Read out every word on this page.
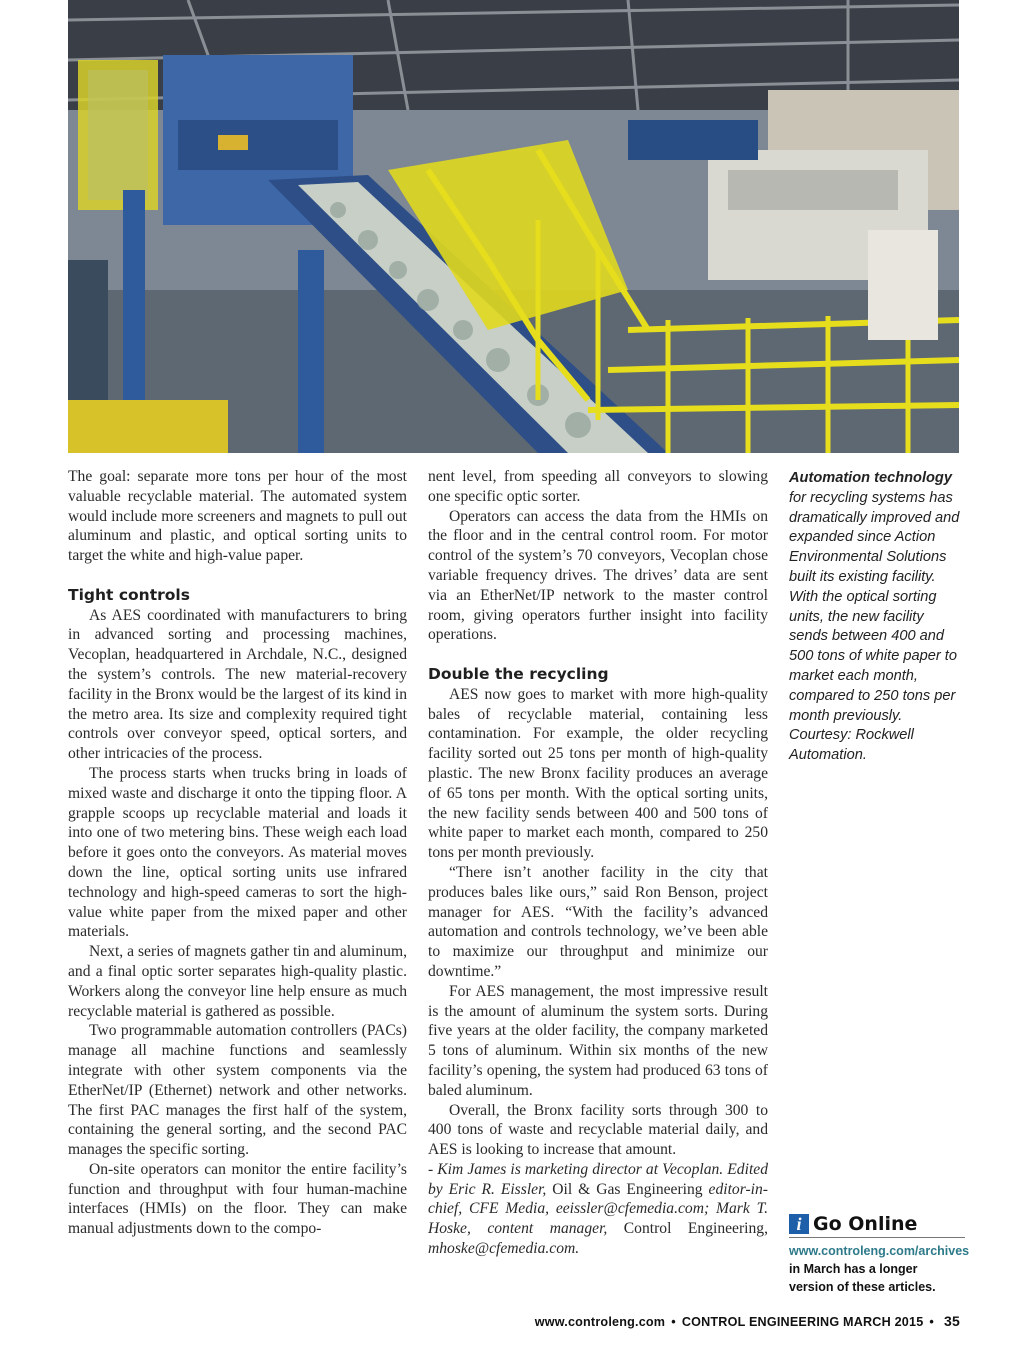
The goal: separate more tons per hour of the most valuable recyclable material. The automated system would include more screeners and magnets to pull out aluminum and plastic, and optical sorting units to target the white and high-value paper.

Tight controls

As AES coordinated with manufacturers to bring in advanced sorting and processing machines, Vecoplan, headquartered in Archdale, N.C., designed the system’s controls. The new material-recovery facility in the Bronx would be the largest of its kind in the metro area. Its size and complexity required tight controls over conveyor speed, optical sorters, and other intricacies of the process.

The process starts when trucks bring in loads of mixed waste and discharge it onto the tipping floor. A grapple scoops up recyclable material and loads it into one of two metering bins. These weigh each load before it goes onto the conveyors. As material moves down the line, optical sorting units use infrared technology and high-speed cameras to sort the high-value white paper from the mixed paper and other materials.

Next, a series of magnets gather tin and aluminum, and a final optic sorter separates high-quality plastic. Workers along the conveyor line help ensure as much recyclable material is gathered as possible.

Two programmable automation controllers (PACs) manage all machine functions and seamlessly integrate with other system components via the EtherNet/IP (Ethernet) network and other networks. The first PAC manages the first half of the system, containing the general sorting, and the second PAC manages the specific sorting.

On-site operators can monitor the entire facility’s function and throughput with four human-machine interfaces (HMIs) on the floor. They can make manual adjustments down to the compo-

nent level, from speeding all conveyors to slowing one specific optic sorter.

Operators can access the data from the HMIs on the floor and in the central control room. For motor control of the system’s 70 conveyors, Vecoplan chose variable frequency drives. The drives’ data are sent via an EtherNet/IP network to the master control room, giving operators further insight into facility operations.

Double the recycling

AES now goes to market with more high-quality bales of recyclable material, containing less contamination. For example, the older recycling facility sorted out 25 tons per month of high-quality plastic. The new Bronx facility produces an average of 65 tons per month. With the optical sorting units, the new facility sends between 400 and 500 tons of white paper to market each month, compared to 250 tons per month previously.

“There isn’t another facility in the city that produces bales like ours,” said Ron Benson, project manager for AES. “With the facility’s advanced automation and controls technology, we’ve been able to maximize our throughput and minimize our downtime.”

For AES management, the most impressive result is the amount of aluminum the system sorts. During five years at the older facility, the company marketed 5 tons of aluminum. Within six months of the new facility’s opening, the system had produced 63 tons of baled aluminum.

Overall, the Bronx facility sorts through 300 to 400 tons of waste and recyclable material daily, and AES is looking to increase that amount.

- Kim James is marketing director at Vecoplan. Edited by Eric R. Eissler, Oil & Gas Engineering editor-in-chief, CFE Media, eeissler@cfemedia.com; Mark T. Hoske, content manager, Control Engineering, mhoske@cfemedia.com.

Automation technology for recycling systems has dramatically improved and expanded since Action Environmental Solutions built its existing facility. With the optical sorting units, the new facility sends between 400 and 500 tons of white paper to market each month, compared to 250 tons per month previously. Courtesy: Rockwell Automation.
i Go Online
www.controleng.com/archives
in March has a longer version of these articles.
www.controleng.com • CONTROL ENGINEERING MARCH 2015 • 35
